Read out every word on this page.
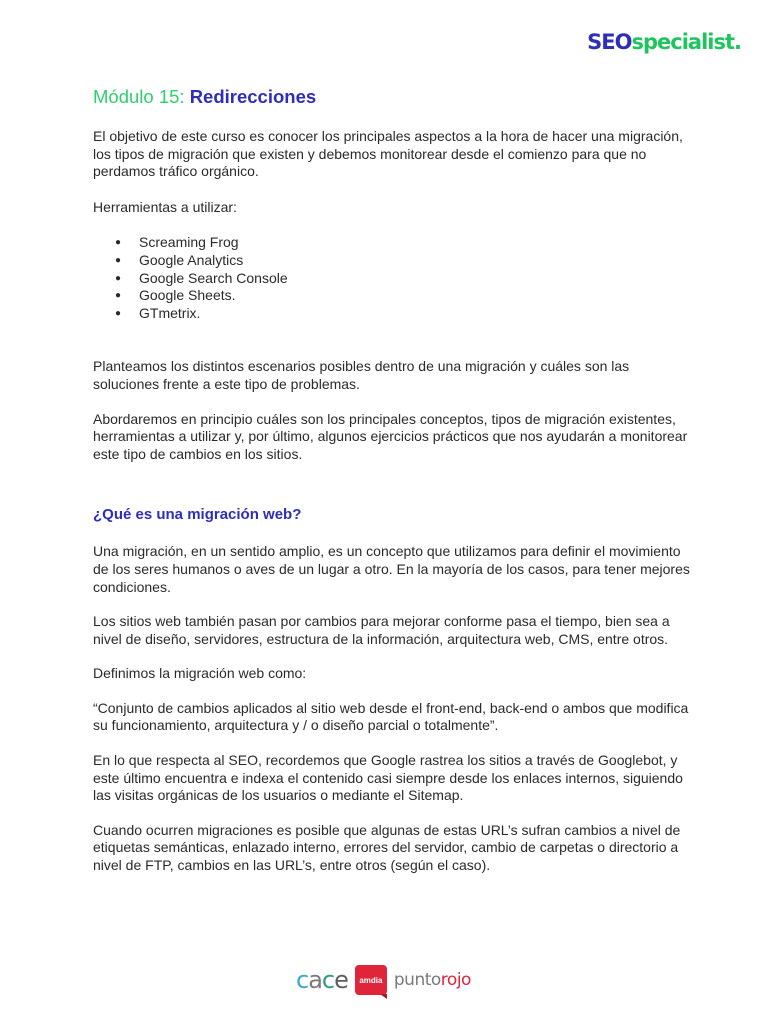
SEOspecialist.
Módulo 15: Redirecciones

El objetivo de este curso es conocer los principales aspectos a la hora de hacer una migración, los tipos de migración que existen y debemos monitorear desde el comienzo para que no perdamos tráfico orgánico.

Herramientas a utilizar:

● Screaming Frog
● Google Analytics
● Google Search Console
● Google Sheets.
● GTmetrix.

Planteamos los distintos escenarios posibles dentro de una migración y cuáles son las soluciones frente a este tipo de problemas.

Abordaremos en principio cuáles son los principales conceptos, tipos de migración existentes, herramientas a utilizar y, por último, algunos ejercicios prácticos que nos ayudarán a monitorear este tipo de cambios en los sitios.

¿Qué es una migración web?

Una migración, en un sentido amplio, es un concepto que utilizamos para definir el movimiento de los seres humanos o aves de un lugar a otro. En la mayoría de los casos, para tener mejores condiciones.

Los sitios web también pasan por cambios para mejorar conforme pasa el tiempo, bien sea a nivel de diseño, servidores, estructura de la información, arquitectura web, CMS, entre otros.

Definimos la migración web como:

“Conjunto de cambios aplicados al sitio web desde el front-end, back-end o ambos que modifica su funcionamiento, arquitectura y / o diseño parcial o totalmente”.

En lo que respecta al SEO, recordemos que Google rastrea los sitios a través de Googlebot, y este último encuentra e indexa el contenido casi siempre desde los enlaces internos, siguiendo las visitas orgánicas de los usuarios o mediante el Sitemap.

Cuando ocurren migraciones es posible que algunas de estas URL’s sufran cambios a nivel de etiquetas semánticas, enlazado interno, errores del servidor, cambio de carpetas o directorio a nivel de FTP, cambios en las URL’s, entre otros (según el caso).

cace	amdia puntorojo
